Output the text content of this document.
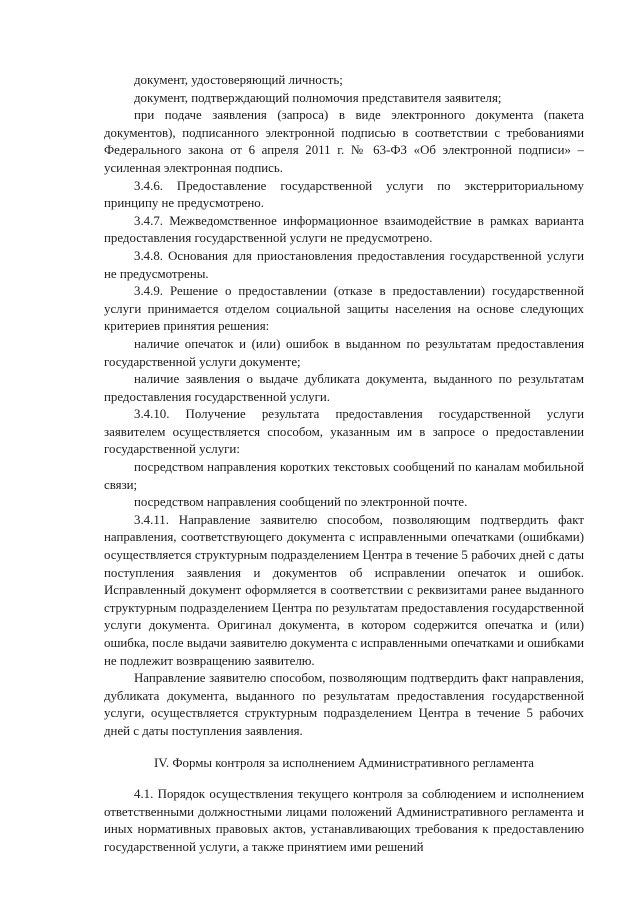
документ, удостоверяющий личность;

документ, подтверждающий полномочия представителя заявителя;

при подаче заявления (запроса) в виде электронного документа (пакета документов), подписанного электронной подписью в соответствии с требованиями Федерального закона от 6 апреля 2011 г. № 63-ФЗ «Об электронной подписи» – усиленная электронная подпись.

3.4.6. Предоставление государственной услуги по экстерриториальному принципу не предусмотрено.

3.4.7. Межведомственное информационное взаимодействие в рамках варианта предоставления государственной услуги не предусмотрено.

3.4.8. Основания для приостановления предоставления государственной услуги не предусмотрены.

3.4.9. Решение о предоставлении (отказе в предоставлении) государственной услуги принимается отделом социальной защиты населения на основе следующих критериев принятия решения:

наличие опечаток и (или) ошибок в выданном по результатам предоставления государственной услуги документе;

наличие заявления о выдаче дубликата документа, выданного по результатам предоставления государственной услуги.

3.4.10. Получение результата предоставления государственной услуги заявителем осуществляется способом, указанным им в запросе о предоставлении государственной услуги:

посредством направления коротких текстовых сообщений по каналам мобильной связи;

посредством направления сообщений по электронной почте.

3.4.11. Направление заявителю способом, позволяющим подтвердить факт направления, соответствующего документа с исправленными опечатками (ошибками) осуществляется структурным подразделением Центра в течение 5 рабочих дней с даты поступления заявления и документов об исправлении опечаток и ошибок. Исправленный документ оформляется в соответствии с реквизитами ранее выданного структурным подразделением Центра по результатам предоставления государственной услуги документа. Оригинал документа, в котором содержится опечатка и (или) ошибка, после выдачи заявителю документа с исправленными опечатками и ошибками не подлежит возвращению заявителю.

Направление заявителю способом, позволяющим подтвердить факт направления, дубликата документа, выданного по результатам предоставления государственной услуги, осуществляется структурным подразделением Центра в течение 5 рабочих дней с даты поступления заявления.

IV. Формы контроля за исполнением Административного регламента

4.1. Порядок осуществления текущего контроля за соблюдением и исполнением ответственными должностными лицами положений Административного регламента и иных нормативных правовых актов, устанавливающих требования к предоставлению государственной услуги, а также принятием ими решений
